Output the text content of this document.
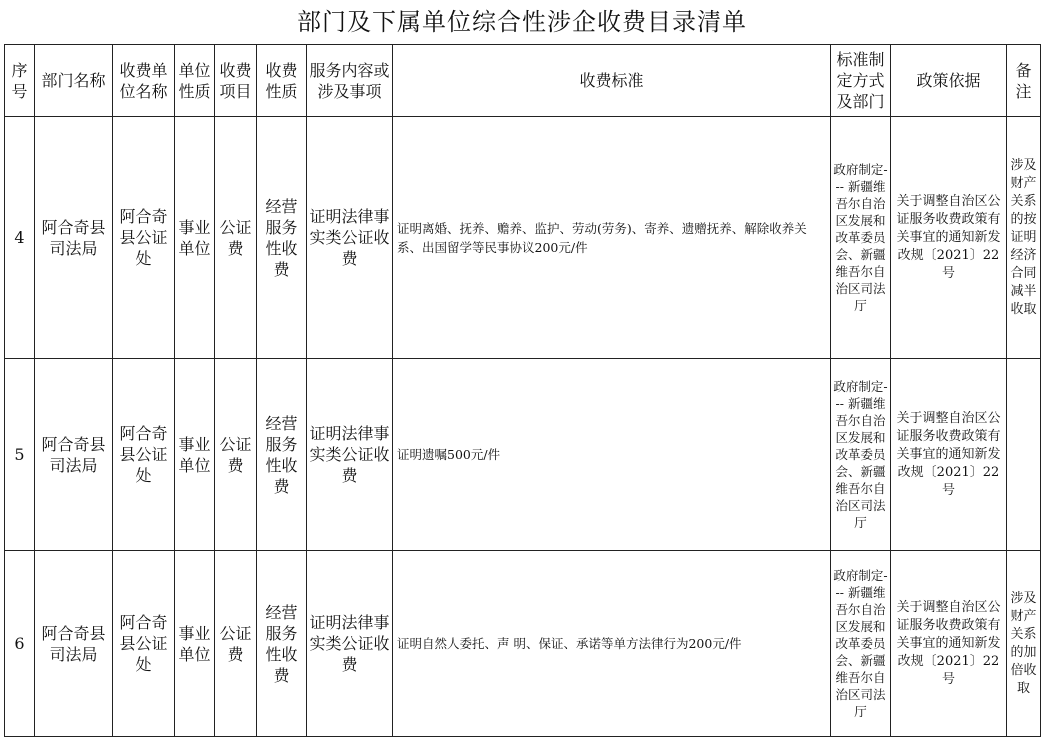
部门及下属单位综合性涉企收费目录清单
序号	部门名称	收费单位名称	单位性质	收费项目	收费性质	服务内容或涉及事项	收费标准	标准制定方式及部门	政策依据	备注
4	阿合奇县司法局	阿合奇县公证处	事业单位	公证费	经营服务性收费	证明法律事实类公证收费	证明离婚、抚养、赡养、监护、劳动(劳务)、寄养、遗赠抚养、解除收养关系、出国留学等民事协议200元/件	政府制定--- 新疆维吾尔自治区发展和改革委员会、新疆维吾尔自治区司法厅	关于调整自治区公证服务收费政策有关事宜的通知新发改规〔2021〕22号	涉及财产关系的按证明经济合同减半收取
5	阿合奇县司法局	阿合奇县公证处	事业单位	公证费	经营服务性收费	证明法律事实类公证收费	证明遗嘱500元/件	政府制定--- 新疆维吾尔自治区发展和改革委员会、新疆维吾尔自治区司法厅	关于调整自治区公证服务收费政策有关事宜的通知新发改规〔2021〕22号	
6	阿合奇县司法局	阿合奇县公证处	事业单位	公证费	经营服务性收费	证明法律事实类公证收费	证明自然人委托、声 明、保证、承诺等单方法律行为200元/件	政府制定--- 新疆维吾尔自治区发展和改革委员会、新疆维吾尔自治区司法厅	关于调整自治区公证服务收费政策有关事宜的通知新发改规〔2021〕22号	涉及财产关系的加倍收取
